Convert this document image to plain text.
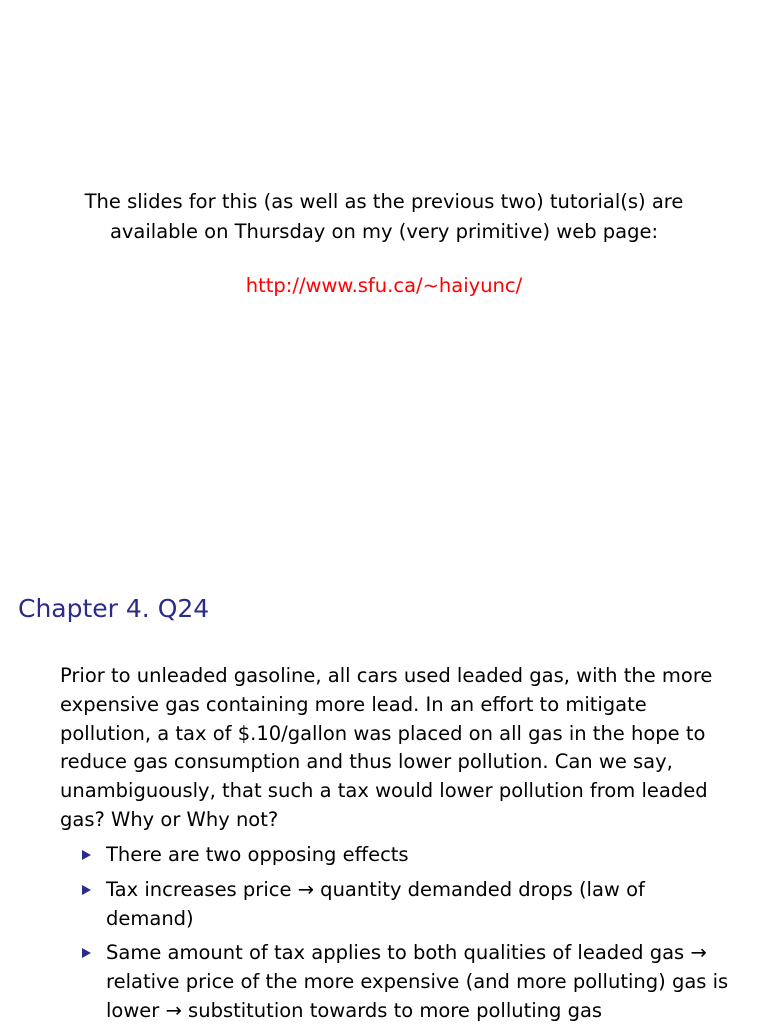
The slides for this (as well as the previous two) tutorial(s) are
available on Thursday on my (very primitive) web page:
http://www.sfu.ca/~haiyunc/
Chapter 4. Q24

Prior to unleaded gasoline, all cars used leaded gas, with the more expensive gas containing more lead. In an effort to mitigate pollution, a tax of $.10/gallon was placed on all gas in the hope to reduce gas consumption and thus lower pollution. Can we say, unambiguously, that such a tax would lower pollution from leaded gas? Why or Why not?

There are two opposing effects
Tax increases price → quantity demanded drops (law of demand)
Same amount of tax applies to both qualities of leaded gas → relative price of the more expensive (and more polluting) gas is lower → substitution towards to more polluting gas
